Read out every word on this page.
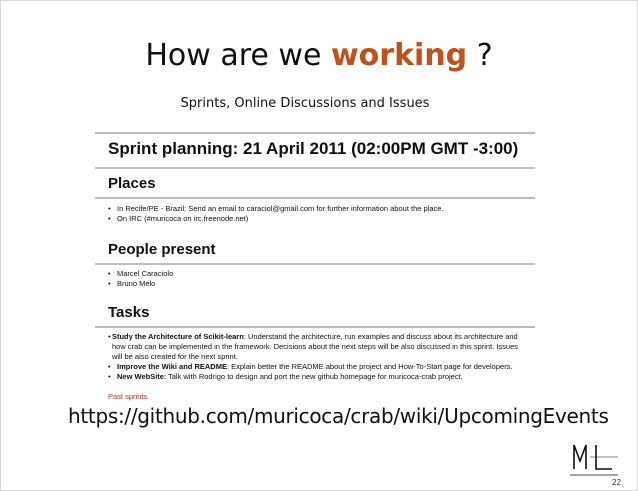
How are we working ?
Sprints, Online Discussions and Issues
Sprint planning: 21 April 2011 (02:00PM GMT -3:00)
Places
• In Recife/PE - Brazil: Send an email to caraciol@gmail.com for further information about the place.
• On IRC (#muricoca on irc.freenode.net)
People present
• Marcel Caraciolo
• Bruno Melo
Tasks
• Study the Architecture of Scikit-learn: Understand the architecture, run examples and discuss about its architecture and how crab can be implemented in the framework. Decisions about the next steps will be also discussed in this sprint. Issues will be also created for the next sprint.
• Improve the Wiki and README: Explain better the README about the project and How-To-Start page for developers.
• New WebSite: Talk with Rodrigo to design and port the new github homepage for muricoca-crab project.
Past sprints
https://github.com/muricoca/crab/wiki/UpcomingEvents
22
